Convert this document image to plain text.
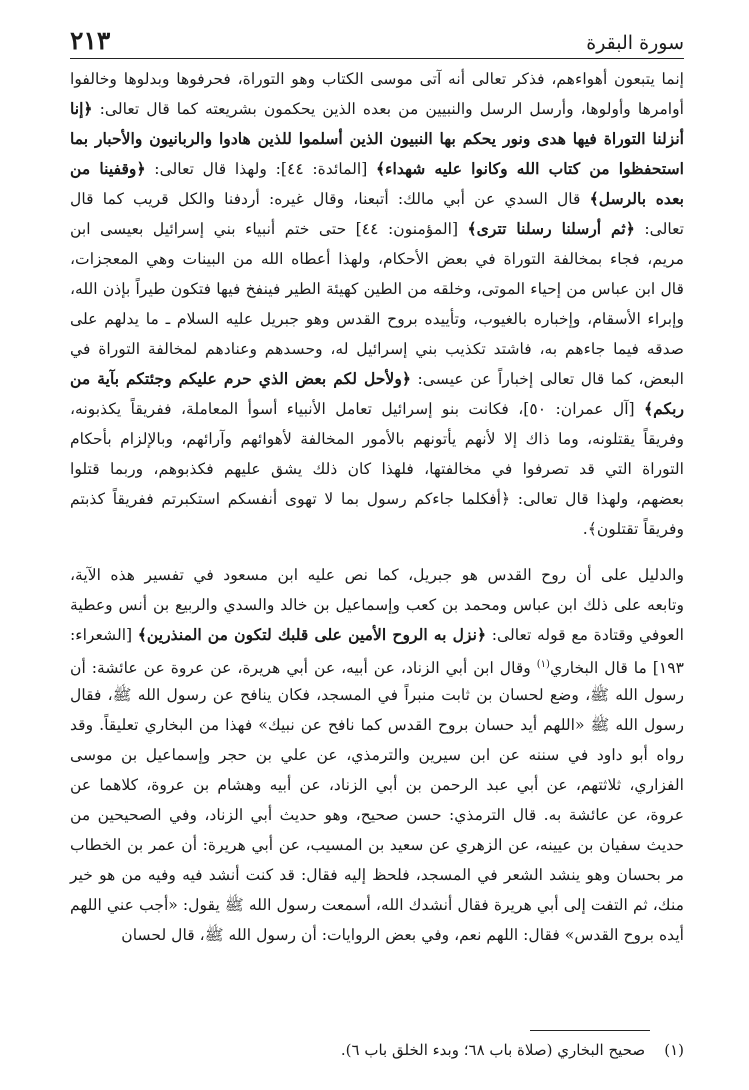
سورة البقرة
٢١٣
إنما يتبعون أهواءهم، فذكر تعالى أنه آتى موسى الكتاب وهو التوراة، فحرفوها وبدلوها وخالفوا
أوامرها وأولوها، وأرسل الرسل والنبيين من بعده الذين يحكمون بشريعته كما قال تعالى: ﴿إنا
أنزلنا التوراة فيها هدى ونور يحكم بها النبيون الذين أسلموا للذين هادوا والربانيون والأحبار بما
استحفظوا من كتاب الله وكانوا عليه شهداء﴾ [المائدة: ٤٤]: ولهذا قال تعالى: ﴿وقفينا من
بعده بالرسل﴾ قال السدي عن أبي مالك: أتبعنا، وقال غيره: أردفنا والكل قريب كما قال
تعالى: ﴿ثم أرسلنا رسلنا تترى﴾ [المؤمنون: ٤٤] حتى ختم أنبياء بني إسرائيل بعيسى ابن
مريم، فجاء بمخالفة التوراة في بعض الأحكام، ولهذا أعطاه الله من البينات وهي المعجزات،
قال ابن عباس من إحياء الموتى، وخلقه من الطين كهيئة الطير فينفخ فيها فتكون طيراً بإذن الله،
وإبراء الأسقام، وإخباره بالغيوب، وتأييده بروح القدس وهو جبريل عليه السلام ـ ما يدلهم على
صدقه فيما جاءهم به، فاشتد تكذيب بني إسرائيل له، وحسدهم وعنادهم لمخالفة التوراة في
البعض، كما قال تعالى إخباراً عن عيسى: ﴿ولأحل لكم بعض الذي حرم عليكم وجئتكم بآية من
ربكم﴾ [آل عمران: ٥٠]، فكانت بنو إسرائيل تعامل الأنبياء أسوأ المعاملة، ففريقاً يكذبونه،
وفريقاً يقتلونه، وما ذاك إلا لأنهم يأتونهم بالأمور المخالفة لأهوائهم وآرائهم، وبالإلزام بأحكام
التوراة التي قد تصرفوا في مخالفتها، فلهذا كان ذلك يشق عليهم فكذبوهم، وربما قتلوا
بعضهم، ولهذا قال تعالى: ﴿أفكلما جاءكم رسول بما لا تهوى أنفسكم استكبرتم ففريقاً كذبتم
وفريقاً تقتلون﴾.
والدليل على أن روح القدس هو جبريل، كما نص عليه ابن مسعود في تفسير هذه الآية،
وتابعه على ذلك ابن عباس ومحمد بن كعب وإسماعيل بن خالد والسدي والربيع بن أنس وعطية
العوفي وقتادة مع قوله تعالى: ﴿نزل به الروح الأمين على قلبك لتكون من المنذرين﴾ [الشعراء:
١٩٣] ما قال البخاري$^{(١)}$ وقال ابن أبي الزناد، عن أبيه، عن أبي هريرة، عن عروة عن عائشة: أن
رسول الله ﷺ، وضع لحسان بن ثابت منبراً في المسجد، فكان ينافح عن رسول الله ﷺ، فقال
رسول الله ﷺ «اللهم أيد حسان بروح القدس كما نافح عن نبيك» فهذا من البخاري تعليقاً. وقد
رواه أبو داود في سننه عن ابن سيرين والترمذي، عن علي بن حجر وإسماعيل بن موسى
الفزاري، ثلاثتهم، عن أبي عبد الرحمن بن أبي الزناد، عن أبيه وهشام بن عروة، كلاهما عن
عروة، عن عائشة به. قال الترمذي: حسن صحيح، وهو حديث أبي الزناد، وفي الصحيحين من
حديث سفيان بن عيينه، عن الزهري عن سعيد بن المسيب، عن أبي هريرة: أن عمر بن الخطاب
مر بحسان وهو ينشد الشعر في المسجد، فلحظ إليه فقال: قد كنت أنشد فيه وفيه من هو خير
منك، ثم التفت إلى أبي هريرة فقال أنشدك الله، أسمعت رسول الله ﷺ يقول: «أجب عني اللهم
أيده بروح القدس» فقال: اللهم نعم، وفي بعض الروايات: أن رسول الله ﷺ، قال لحسان
(١)    صحيح البخاري (صلاة باب ٦٨؛ وبدء الخلق باب ٦).
